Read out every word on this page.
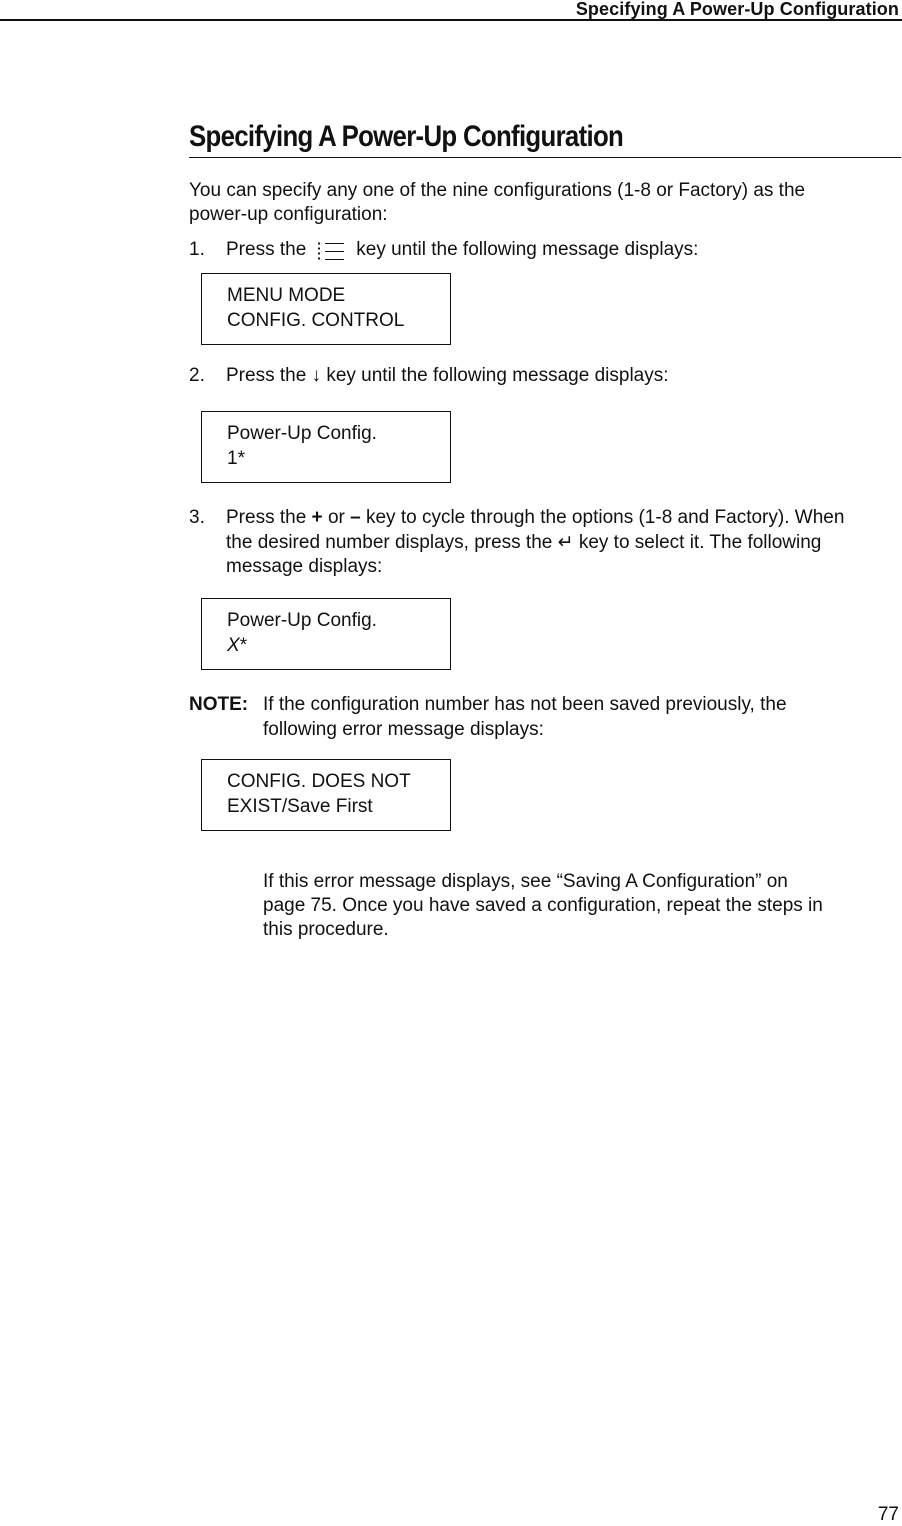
Specifying A Power-Up Configuration
Specifying A Power-Up Configuration
You can specify any one of the nine configurations (1-8 or Factory) as the
power-up configuration:
1. Press the	key until the following message displays:
MENU MODE
CONFIG. CONTROL
2. Press the ↓ key until the following message displays:
Power-Up Config.
1*
3. Press the + or – key to cycle through the options (1-8 and Factory). When
the desired number displays, press the ↵ key to select it. The following
message displays:
Power-Up Config.
X*
NOTE: If the configuration number has not been saved previously, the
following error message displays:
CONFIG. DOES NOT
EXIST/Save First
If this error message displays, see “Saving A Configuration” on
page 75. Once you have saved a configuration, repeat the steps in
this procedure.
77
